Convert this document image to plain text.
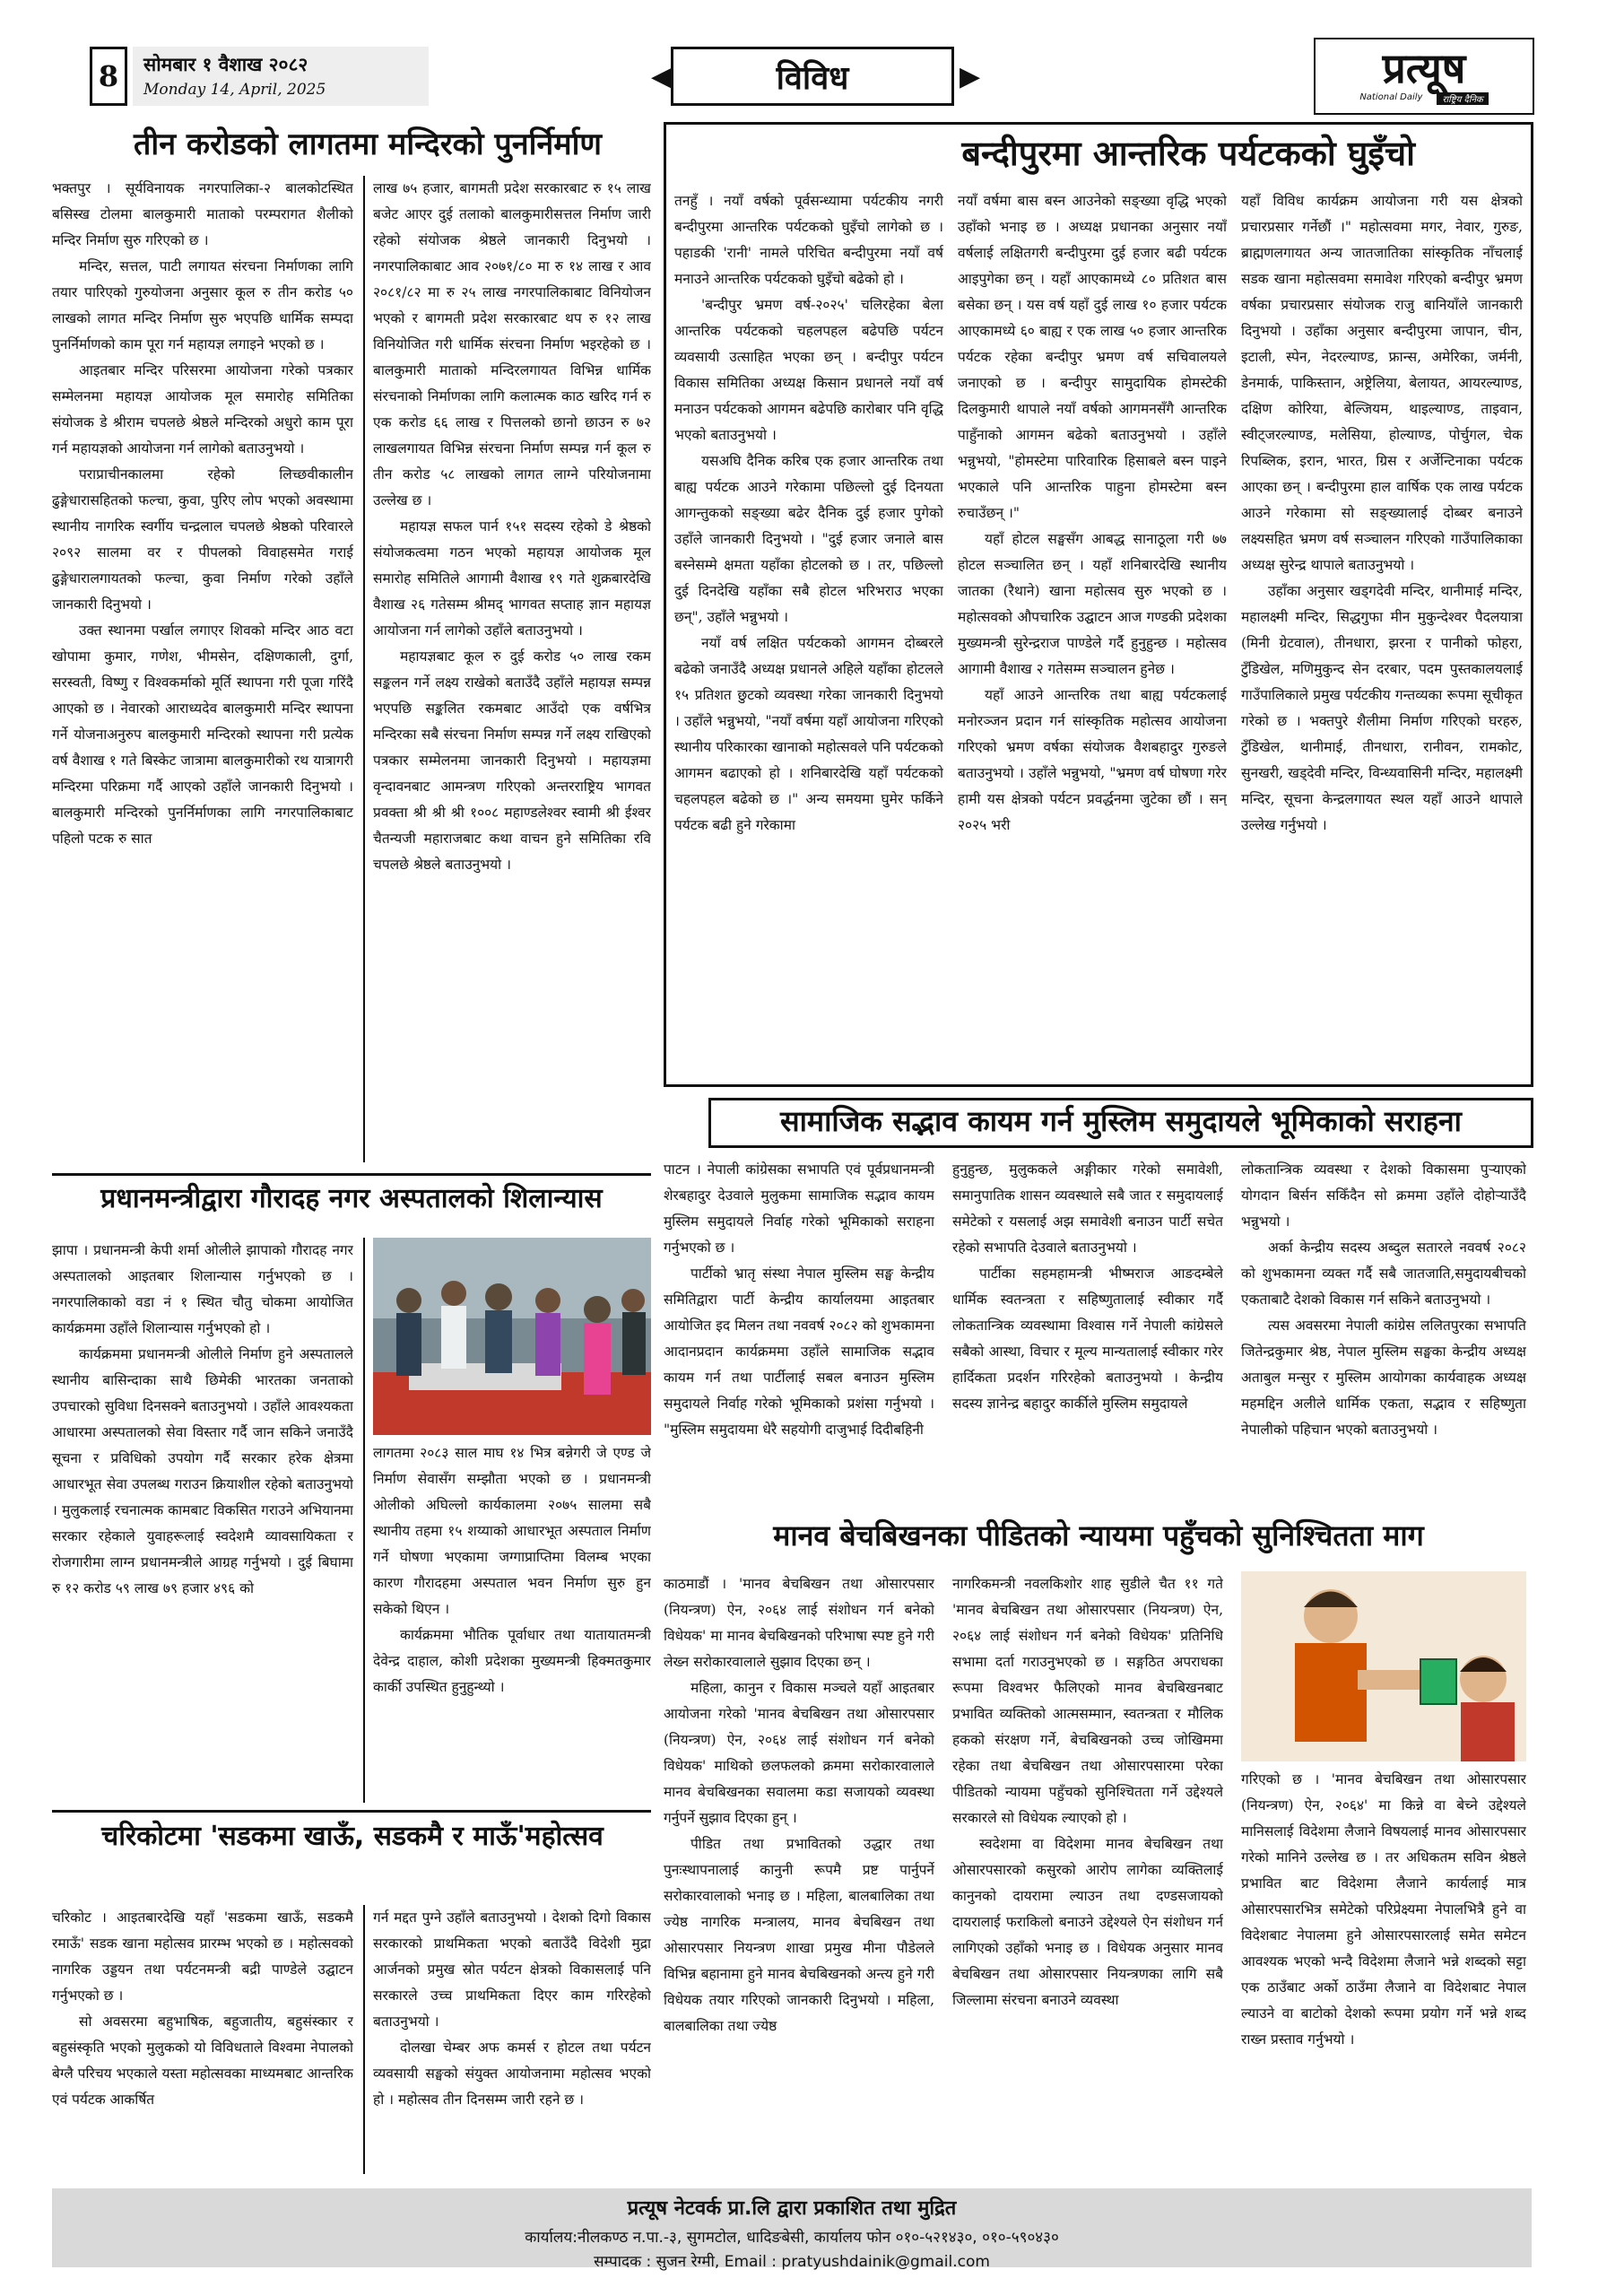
8	सोमबार १ वैशाख २०८२
Monday 14, April, 2025	◀	विविध	▶	प्रत्यूष
National Daily	राष्ट्रिय दैनिक
तीन करोडको लागतमा मन्दिरको पुनर्निर्माण

भक्तपुर । सूर्यविनायक नगरपालिका-२ बालकोटस्थित बसिस्ख टोलमा बालकुमारी माताको परम्परागत शैलीको मन्दिर निर्माण सुरु गरिएको छ ।

मन्दिर, सत्तल, पाटी लगायत संरचना निर्माणका लागि तयार पारिएको गुरुयोजना अनुसार कूल रु तीन करोड ५० लाखको लागत मन्दिर निर्माण सुरु भएपछि धार्मिक सम्पदा पुनर्निर्माणको काम पूरा गर्न महायज्ञ लगाइने भएको छ ।

आइतबार मन्दिर परिसरमा आयोजना गरेको पत्रकार सम्मेलनमा महायज्ञ आयोजक मूल समारोह समितिका संयोजक डे श्रीराम चपलछे श्रेष्ठले मन्दिरको अधुरो काम पूरा गर्न महायज्ञको आयोजना गर्न लागेको बताउनुभयो ।

पराप्राचीनकालमा रहेको लिच्छवीकालीन ढुङ्गेधारासहितको फल्चा, कुवा, पुरिए लोप भएको अवस्थामा स्थानीय नागरिक स्वर्गीय चन्द्रलाल चपलछे श्रेष्ठको परिवारले २०९२ सालमा वर र पीपलको विवाहसमेत गराई ढुङ्गेधारालगायतको फल्चा, कुवा निर्माण गरेको उहाँले जानकारी दिनुभयो ।

उक्त स्थानमा पर्खाल लगाएर शिवको मन्दिर आठ वटा खोपामा कुमार, गणेश, भीमसेन, दक्षिणकाली, दुर्गा, सरस्वती, विष्णु र विश्वकर्माको मूर्ति स्थापना गरी पूजा गरिंदै आएको छ । नेवारको आराध्यदेव बालकुमारी मन्दिर स्थापना गर्ने योजनाअनुरुप बालकुमारी मन्दिरको स्थापना गरी प्रत्येक वर्ष वैशाख १ गते बिस्केट जात्रामा बालकुमारीको रथ यात्रागरी मन्दिरमा परिक्रमा गर्दै आएको उहाँले जानकारी दिनुभयो । बालकुमारी मन्दिरको पुनर्निर्माणका लागि नगरपालिकाबाट पहिलो पटक रु सात

लाख ७५ हजार, बागमती प्रदेश सरकारबाट रु १५ लाख बजेट आएर दुई तलाको बालकुमारीसत्तल निर्माण जारी रहेको संयोजक श्रेष्ठले जानकारी दिनुभयो । नगरपालिकाबाट आव २०७१/८० मा रु १४ लाख र आव २०८१/८२ मा रु २५ लाख नगरपालिकाबाट विनियोजन भएको र बागमती प्रदेश सरकारबाट थप रु १२ लाख विनियोजित गरी धार्मिक संरचना निर्माण भइरहेको छ । बालकुमारी माताको मन्दिरलगायत विभिन्न धार्मिक संरचनाको निर्माणका लागि कलात्मक काठ खरिद गर्न रु एक करोड ६६ लाख र पित्तलको छानो छाउन रु ७२ लाखलगायत विभिन्न संरचना निर्माण सम्पन्न गर्न कूल रु तीन करोड ५८ लाखको लागत लाग्ने परियोजनामा उल्लेख छ ।

महायज्ञ सफल पार्न १५१ सदस्य रहेको डे श्रेष्ठको संयोजकत्वमा गठन भएको महायज्ञ आयोजक मूल समारोह समितिले आगामी वैशाख १९ गते शुक्रबारदेखि वैशाख २६ गतेसम्म श्रीमद् भागवत सप्ताह ज्ञान महायज्ञ आयोजना गर्न लागेको उहाँले बताउनुभयो ।

महायज्ञबाट कूल रु दुई करोड ५० लाख रकम सङ्कलन गर्ने लक्ष्य राखेको बताउँदै उहाँले महायज्ञ सम्पन्न भएपछि सङ्कलित रकमबाट आउँदो एक वर्षभित्र मन्दिरका सबै संरचना निर्माण सम्पन्न गर्ने लक्ष्य राखिएको पत्रकार सम्मेलनमा जानकारी दिनुभयो । महायज्ञमा वृन्दावनबाट आमन्त्रण गरिएको अन्तरराष्ट्रिय भागवत प्रवक्ता श्री श्री श्री १००८ महाण्डलेश्वर स्वामी श्री ईश्वर चैतन्यजी महाराजबाट कथा वाचन हुने समितिका रवि चपलछे श्रेष्ठले बताउनुभयो ।

बन्दीपुरमा आन्तरिक पर्यटकको घुइँचो

तनहुँ । नयाँ वर्षको पूर्वसन्ध्यामा पर्यटकीय नगरी बन्दीपुरमा आन्तरिक पर्यटकको घुइँचो लागेको छ । पहाडकी 'रानी' नामले परिचित बन्दीपुरमा नयाँ वर्ष मनाउने आन्तरिक पर्यटकको घुइँचो बढेको हो ।

'बन्दीपुर भ्रमण वर्ष-२०२५' चलिरहेका बेला आन्तरिक पर्यटकको चहलपहल बढेपछि पर्यटन व्यवसायी उत्साहित भएका छन् । बन्दीपुर पर्यटन विकास समितिका अध्यक्ष किसान प्रधानले नयाँ वर्ष मनाउन पर्यटकको आगमन बढेपछि कारोबार पनि वृद्धि भएको बताउनुभयो ।

यसअघि दैनिक करिब एक हजार आन्तरिक तथा बाह्य पर्यटक आउने गरेकामा पछिल्लो दुई दिनयता आगन्तुकको सङ्ख्या बढेर दैनिक दुई हजार पुगेको उहाँले जानकारी दिनुभयो । "दुई हजार जनाले बास बस्नेसम्मे क्षमता यहाँका होटलको छ । तर, पछिल्लो दुई दिनदेखि यहाँका सबै होटल भरिभराउ भएका छन्", उहाँले भन्नुभयो ।

नयाँ वर्ष लक्षित पर्यटकको आगमन दोब्बरले बढेको जनाउँदै अध्यक्ष प्रधानले अहिले यहाँका होटलले १५ प्रतिशत छुटको व्यवस्था गरेका जानकारी दिनुभयो । उहाँले भन्नुभयो, "नयाँ वर्षमा यहाँ आयोजना गरिएको स्थानीय परिकारका खानाको महोत्सवले पनि पर्यटकको आगमन बढाएको हो । शनिबारदेखि यहाँ पर्यटकको चहलपहल बढेको छ ।" अन्य समयमा घुमेर फर्किने पर्यटक बढी हुने गरेकामा

नयाँ वर्षमा बास बस्न आउनेको सङ्ख्या वृद्धि भएको उहाँको भनाइ छ । अध्यक्ष प्रधानका अनुसार नयाँ वर्षलाई लक्षितगरी बन्दीपुरमा दुई हजार बढी पर्यटक आइपुगेका छन् । यहाँ आएकामध्ये ८० प्रतिशत बास बसेका छन् । यस वर्ष यहाँ दुई लाख १० हजार पर्यटक आएकामध्ये ६० बाह्य र एक लाख ५० हजार आन्तरिक पर्यटक रहेका बन्दीपुर भ्रमण वर्ष सचिवालयले जनाएको छ । बन्दीपुर सामुदायिक होमस्टेकी दिलकुमारी थापाले नयाँ वर्षको आगमनसँगै आन्तरिक पाहुँनाको आगमन बढेको बताउनुभयो । उहाँले भन्नुभयो, "होमस्टेमा पारिवारिक हिसाबले बस्न पाइने भएकाले पनि आन्तरिक पाहुना होमस्टेमा बस्न रुचाउँछन् ।"

यहाँ होटल सङ्घसँग आबद्ध सानाठूला गरी ७७ होटल सञ्चालित छन् । यहाँ शनिबारदेखि स्थानीय जातका (रैथाने) खाना महोत्सव सुरु भएको छ । महोत्सवको औपचारिक उद्घाटन आज गण्डकी प्रदेशका मुख्यमन्त्री सुरेन्द्रराज पाण्डेले गर्दै हुनुहुन्छ । महोत्सव आगामी वैशाख २ गतेसम्म सञ्चालन हुनेछ ।

यहाँ आउने आन्तरिक तथा बाह्य पर्यटकलाई मनोरञ्जन प्रदान गर्न सांस्कृतिक महोत्सव आयोजना गरिएको भ्रमण वर्षका संयोजक वैशबहादुर गुरुङले बताउनुभयो । उहाँले भन्नुभयो, "भ्रमण वर्ष घोषणा गरेर हामी यस क्षेत्रको पर्यटन प्रवर्द्धनमा जुटेका छौं । सन् २०२५ भरी

यहाँ विविध कार्यक्रम आयोजना गरी यस क्षेत्रको प्रचारप्रसार गर्नेछौं ।" महोत्सवमा मगर, नेवार, गुरुङ, ब्राह्मणलगायत अन्य जातजातिका सांस्कृतिक नाँचलाई सडक खाना महोत्सवमा समावेश गरिएको बन्दीपुर भ्रमण वर्षका प्रचारप्रसार संयोजक राजु बानियाँले जानकारी दिनुभयो । उहाँका अनुसार बन्दीपुरमा जापान, चीन, इटाली, स्पेन, नेदरल्याण्ड, फ्रान्स, अमेरिका, जर्मनी, डेनमार्क, पाकिस्तान, अष्ट्रेलिया, बेलायत, आयरल्याण्ड, दक्षिण कोरिया, बेल्जियम, थाइल्याण्ड, ताइवान, स्वीट्जरल्याण्ड, मलेसिया, होल्याण्ड, पोर्चुगल, चेक रिपब्लिक, इरान, भारत, ग्रिस र अर्जेन्टिनाका पर्यटक आएका छन् । बन्दीपुरमा हाल वार्षिक एक लाख पर्यटक आउने गरेकामा सो सङ्ख्यालाई दोब्बर बनाउने लक्ष्यसहित भ्रमण वर्ष सञ्चालन गरिएको गाउँपालिकाका अध्यक्ष सुरेन्द्र थापाले बताउनुभयो ।

उहाँका अनुसार खड्गदेवी मन्दिर, थानीमाई मन्दिर, महालक्ष्मी मन्दिर, सिद्धगुफा मीन मुकुन्देश्वर पैदलयात्रा (मिनी ग्रेटवाल), तीनधारा, झरना र पानीको फोहरा, टुँडिखेल, मणिमुकुन्द सेन दरबार, पदम पुस्तकालयलाई गाउँपालिकाले प्रमुख पर्यटकीय गन्तव्यका रूपमा सूचीकृत गरेको छ । भक्तपुरे शैलीमा निर्माण गरिएको घरहरु, टुँडिखेल, थानीमाई, तीनधारा, रानीवन, रामकोट, सुनखरी, खड्देवी मन्दिर, विन्ध्यवासिनी मन्दिर, महालक्ष्मी मन्दिर, सूचना केन्द्रलगायत स्थल यहाँ आउने थापाले उल्लेख गर्नुभयो ।

प्रधानमन्त्रीद्वारा गौरादह नगर अस्पतालको शिलान्यास

झापा । प्रधानमन्त्री केपी शर्मा ओलीले झापाको गौरादह नगर अस्पतालको आइतबार शिलान्यास गर्नुभएको छ । नगरपालिकाको वडा नं १ स्थित चौतु चोकमा आयोजित कार्यक्रममा उहाँले शिलान्यास गर्नुभएको हो ।

कार्यक्रममा प्रधानमन्त्री ओलीले निर्माण हुने अस्पतालले स्थानीय बासिन्दाका साथै छिमेकी भारतका जनताको उपचारको सुविधा दिनसक्ने बताउनुभयो । उहाँले आवश्यकता आधारमा अस्पतालको सेवा विस्तार गर्दै जान सकिने जनाउँदै सूचना र प्रविधिको उपयोग गर्दै सरकार हरेक क्षेत्रमा आधारभूत सेवा उपलब्ध गराउन क्रियाशील रहेको बताउनुभयो । मुलुकलाई रचनात्मक कामबाट विकसित गराउने अभियानमा सरकार रहेकाले युवाहरूलाई स्वदेशमै व्यावसायिकता र रोजगारीमा लाग्न प्रधानमन्त्रीले आग्रह गर्नुभयो । दुई बिघामा रु १२ करोड ५९ लाख ७९ हजार ४९६ को

लागतमा २०८३ साल माघ १४ भित्र बन्नेगरी जे एण्ड जे निर्माण सेवासँग सम्झौता भएको छ । प्रधानमन्त्री ओलीको अघिल्लो कार्यकालमा २०७५ सालमा सबै स्थानीय तहमा १५ शय्याको आधारभूत अस्पताल निर्माण गर्ने घोषणा भएकामा जग्गाप्राप्तिमा विलम्ब भएका कारण गौरादहमा अस्पताल भवन निर्माण सुरु हुन सकेको थिएन ।

कार्यक्रममा भौतिक पूर्वाधार तथा यातायातमन्त्री देवेन्द्र दाहाल, कोशी प्रदेशका मुख्यमन्त्री हिक्मतकुमार कार्की उपस्थित हुनुहुन्थ्यो ।

चरिकोटमा 'सडकमा खाऊँ, सडकमै र माऊँ'महोत्सव

चरिकोट । आइतबारदेखि यहाँ 'सडकमा खाऊँ, सडकमै रमाऊँ' सडक खाना महोत्सव प्रारम्भ भएको छ । महोत्सवको नागरिक उड्डयन तथा पर्यटनमन्त्री बद्री पाण्डेले उद्घाटन गर्नुभएको छ ।

सो अवसरमा बहुभाषिक, बहुजातीय, बहुसंस्कार र बहुसंस्कृति भएको मुलुकको यो विविधताले विश्वमा नेपालको बेग्लै परिचय भएकाले यस्ता महोत्सवका माध्यमबाट आन्तरिक एवं पर्यटक आकर्षित

गर्न मद्दत पुग्ने उहाँले बताउनुभयो । देशको दिगो विकास सरकारको प्राथमिकता भएको बताउँदै विदेशी मुद्रा आर्जनको प्रमुख स्रोत पर्यटन क्षेत्रको विकासलाई पनि सरकारले उच्च प्राथमिकता दिएर काम गरिरहेको बताउनुभयो ।

दोलखा चेम्बर अफ कमर्स र होटल तथा पर्यटन व्यवसायी सङ्घको संयुक्त आयोजनामा महोत्सव भएको हो । महोत्सव तीन दिनसम्म जारी रहने छ ।

सामाजिक सद्भाव कायम गर्न मुस्लिम समुदायले भूमिकाको सराहना

पाटन । नेपाली कांग्रेसका सभापति एवं पूर्वप्रधानमन्त्री शेरबहादुर देउवाले मुलुकमा सामाजिक सद्भाव कायम मुस्लिम समुदायले निर्वाह गरेको भूमिकाको सराहना गर्नुभएको छ ।

पार्टीको भ्रातृ संस्था नेपाल मुस्लिम सङ्घ केन्द्रीय समितिद्वारा पार्टी केन्द्रीय कार्यालयमा आइतबार आयोजित इद मिलन तथा नववर्ष २०८२ को शुभकामना आदानप्रदान कार्यक्रममा उहाँले सामाजिक सद्भाव कायम गर्न तथा पार्टीलाई सबल बनाउन मुस्लिम समुदायले निर्वाह गरेको भूमिकाको प्रशंसा गर्नुभयो । "मुस्लिम समुदायमा धेरै सहयोगी दाजुभाई दिदीबहिनी

हुनुहुन्छ, मुलुककले अङ्गीकार गरेको समावेशी, समानुपातिक शासन व्यवस्थाले सबै जात र समुदायलाई समेटेको र यसलाई अझ समावेशी बनाउन पार्टी सचेत रहेको सभापति देउवाले बताउनुभयो ।

पार्टीका सहमहामन्त्री भीष्मराज आङदम्बेले धार्मिक स्वतन्त्रता र सहिष्णुतालाई स्वीकार गर्दै लोकतान्त्रिक व्यवस्थामा विश्वास गर्ने नेपाली कांग्रेसले सबैको आस्था, विचार र मूल्य मान्यतालाई स्वीकार गरेर हार्दिकता प्रदर्शन गरिरहेको बताउनुभयो । केन्द्रीय सदस्य ज्ञानेन्द्र बहादुर कार्कीले मुस्लिम समुदायले

लोकतान्त्रिक व्यवस्था र देशको विकासमा पुऱ्याएको योगदान बिर्सन सकिँदैन सो क्रममा उहाँले दोहोऱ्याउँदै भन्नुभयो ।

अर्का केन्द्रीय सदस्य अब्दुल सतारले नववर्ष २०८२ को शुभकामना व्यक्त गर्दै सबै जातजाति,समुदायबीचको एकताबाटै देशको विकास गर्न सकिने बताउनुभयो ।

त्यस अवसरमा नेपाली कांग्रेस ललितपुरका सभापति जितेन्द्रकुमार श्रेष्ठ, नेपाल मुस्लिम सङ्घका केन्द्रीय अध्यक्ष अताबुल मन्सुर र मुस्लिम आयोगका कार्यवाहक अध्यक्ष महमद्दिन अलीले धार्मिक एकता, सद्भाव र सहिष्णुता नेपालीको पहिचान भएको बताउनुभयो ।

मानव बेचबिखनका पीडितको न्यायमा पहुँचको सुनिश्चितता माग

काठमाडौं । 'मानव बेचबिखन तथा ओसारपसार (नियन्त्रण) ऐन, २०६४ लाई संशोधन गर्न बनेको विधेयक' मा मानव बेचबिखनको परिभाषा स्पष्ट हुने गरी लेख्न सरोकारवालाले सुझाव दिएका छन् ।

महिला, कानुन र विकास मञ्चले यहाँ आइतबार आयोजना गरेको 'मानव बेचबिखन तथा ओसारपसार (नियन्त्रण) ऐन, २०६४ लाई संशोधन गर्न बनेको विधेयक' माथिको छलफलको क्रममा सरोकारवालाले मानव बेचबिखनका सवालमा कडा सजायको व्यवस्था गर्नुपर्ने सुझाव दिएका हुन् ।

पीडित तथा प्रभावितको उद्धार तथा पुनःस्थापनालाई कानुनी रूपमै प्रष्ट पार्नुपर्ने सरोकारवालाको भनाइ छ । महिला, बालबालिका तथा ज्येष्ठ नागरिक मन्त्रालय, मानव बेचबिखन तथा ओसारपसार नियन्त्रण शाखा प्रमुख मीना पौडेलले विभिन्न बहानामा हुने मानव बेचबिखनको अन्त्य हुने गरी विधेयक तयार गरिएको जानकारी दिनुभयो । महिला, बालबालिका तथा ज्येष्ठ

नागरिकमन्त्री नवलकिशोर शाह सुडीले चैत ११ गते 'मानव बेचबिखन तथा ओसारपसार (नियन्त्रण) ऐन, २०६४ लाई संशोधन गर्न बनेको विधेयक' प्रतिनिधि सभामा दर्ता गराउनुभएको छ । सङ्गठित अपराधका रूपमा विश्वभर फैलिएको मानव बेचबिखनबाट प्रभावित व्यक्तिको आत्मसम्मान, स्वतन्त्रता र मौलिक हकको संरक्षण गर्ने, बेचबिखनको उच्च जोखिममा रहेका तथा बेचबिखन तथा ओसारपसारमा परेका पीडितको न्यायमा पहुँचको सुनिश्चितता गर्ने उद्देश्यले सरकारले सो विधेयक ल्याएको हो ।

स्वदेशमा वा विदेशमा मानव बेचबिखन तथा ओसारपसारको कसुरको आरोप लागेका व्यक्तिलाई कानुनको दायरामा ल्याउन तथा दण्डसजायको दायरालाई फराकिलो बनाउने उद्देश्यले ऐन संशोधन गर्न लागिएको उहाँको भनाइ छ । विधेयक अनुसार मानव बेचबिखन तथा ओसारपसार नियन्त्रणका लागि सबै जिल्लामा संरचना बनाउने व्यवस्था

गरिएको छ । 'मानव बेचबिखन तथा ओसारपसार (नियन्त्रण) ऐन, २०६४' मा किन्ने वा बेच्ने उद्देश्यले मानिसलाई विदेशमा लैजाने विषयलाई मानव ओसारपसार गरेको मानिने उल्लेख छ । तर अधिकतम सविन श्रेष्ठले प्रभावित बाट विदेशमा लैजाने कार्यलाई मात्र ओसारपसारभित्र समेटेको परिप्रेक्ष्यमा नेपालभित्रै हुने वा विदेशबाट नेपालमा हुने ओसारपसारलाई समेत समेटन आवश्यक भएको भन्दै विदेशमा लैजाने भन्ने शब्दको सट्टा एक ठाउँबाट अर्को ठाउँमा लैजाने वा विदेशबाट नेपाल ल्याउने वा बाटोको देशको रूपमा प्रयोग गर्ने भन्ने शब्द राख्न प्रस्ताव गर्नुभयो ।

प्रत्यूष नेटवर्क प्रा.लि द्वारा प्रकाशित तथा मुद्रित
कार्यालय:नीलकण्ठ न.पा.-३, सुगमटोल, धादिङबेसी, कार्यालय फोन ०१०-५२१४३०, ०१०-५९०४३०
सम्पादक : सुजन रेग्मी, Email : pratyushdainik@gmail.com
